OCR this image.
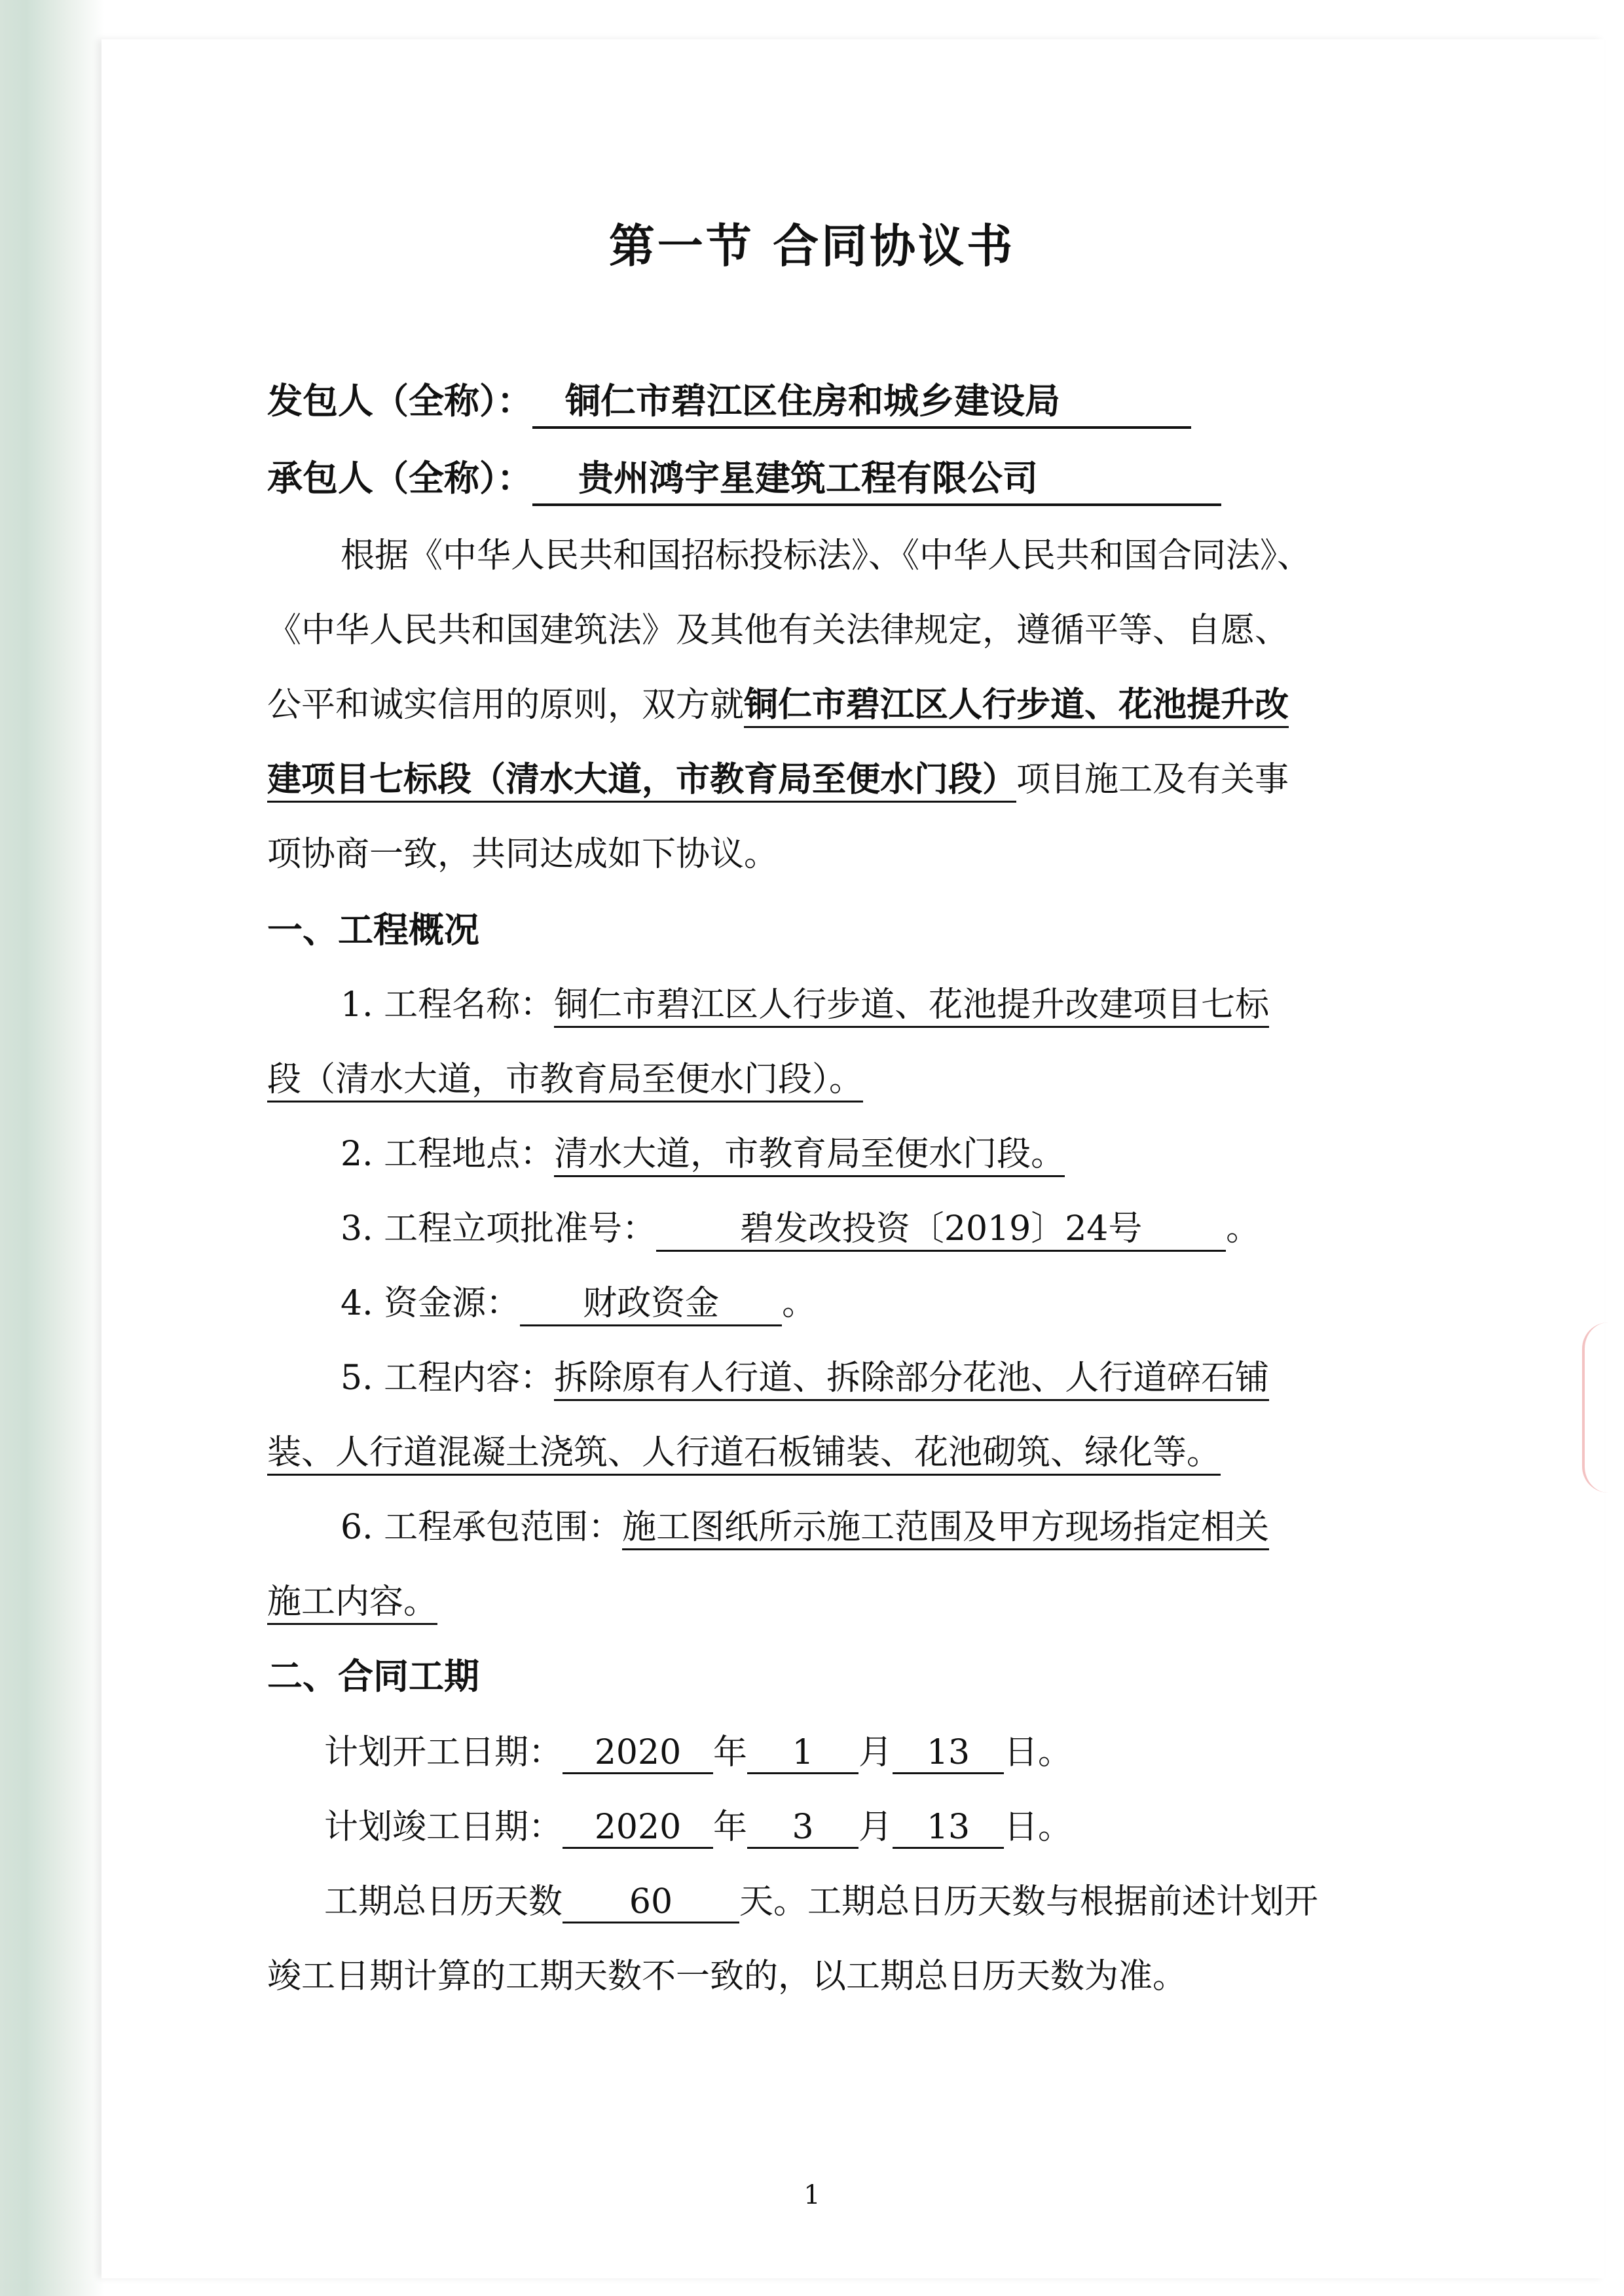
第一节 合同协议书
发包人（全称）： 铜仁市碧江区住房和城乡建设局
承包人（全称）： 贵州鸿宇星建筑工程有限公司
根据《中华人民共和国招标投标法》、《中华人民共和国合同法》、
《中华人民共和国建筑法》及其他有关法律规定，遵循平等、自愿、
公平和诚实信用的原则，双方就铜仁市碧江区人行步道、花池提升改
建项目七标段（清水大道，市教育局至便水门段）项目施工及有关事
项协商一致，共同达成如下协议。
一、工程概况
1. 工程名称：铜仁市碧江区人行步道、花池提升改建项目七标
段（清水大道，市教育局至便水门段）。
2. 工程地点：清水大道，市教育局至便水门段。
3. 工程立项批准号： 碧发改投资〔2019〕24号 。
4. 资金源： 财政资金 。
5. 工程内容：拆除原有人行道、拆除部分花池、人行道碎石铺
装、人行道混凝土浇筑、人行道石板铺装、花池砌筑、绿化等。
6. 工程承包范围：施工图纸所示施工范围及甲方现场指定相关
施工内容。
二、合同工期
计划开工日期： 2020 年 1 月 13 日。
计划竣工日期： 2020 年 3 月 13 日。
工期总日历天数 60 天。工期总日历天数与根据前述计划开
竣工日期计算的工期天数不一致的，以工期总日历天数为准。
1
